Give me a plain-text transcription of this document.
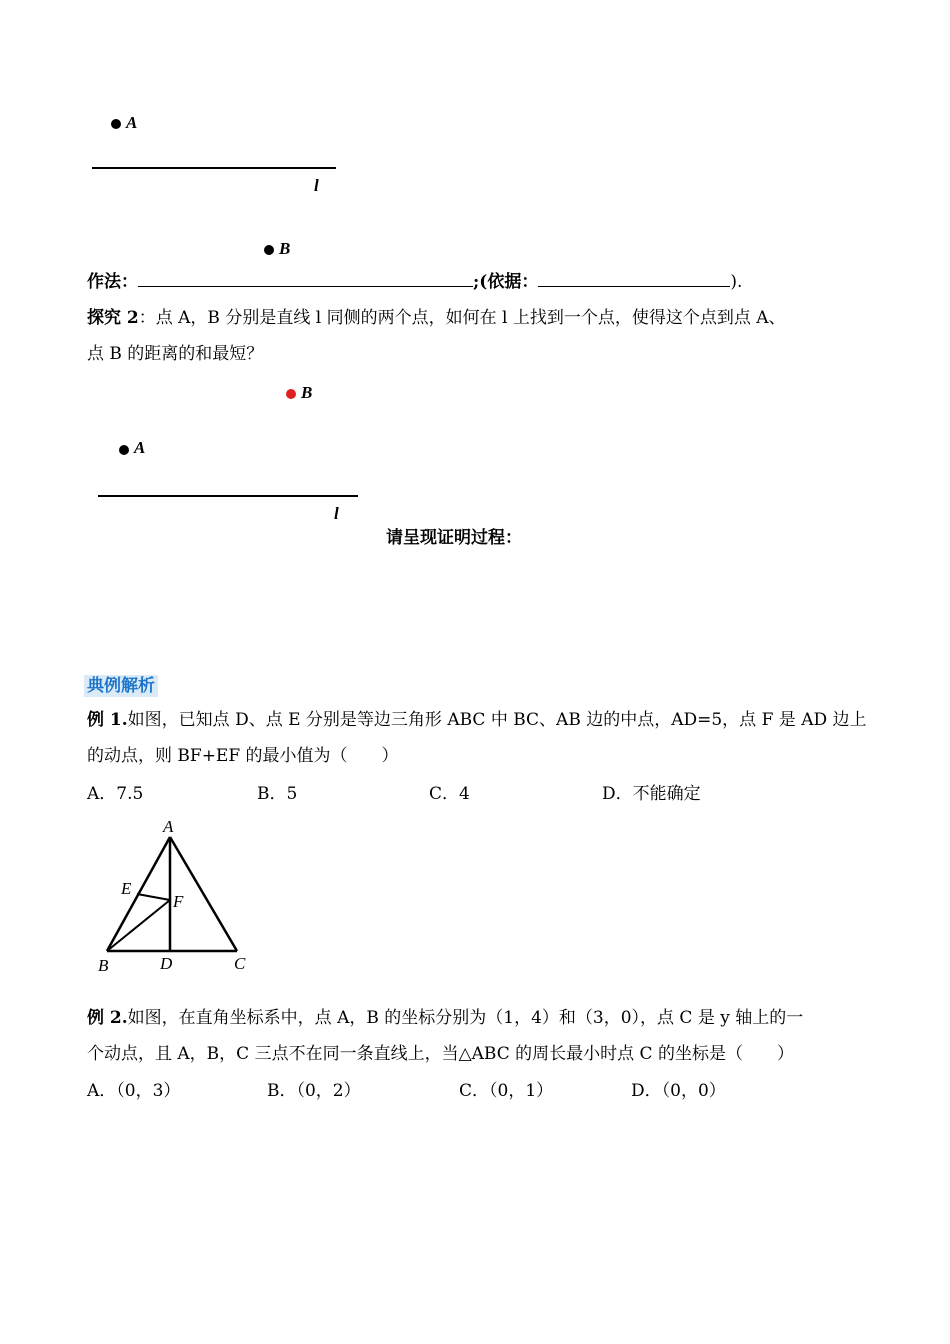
A
l
B
作法：	;(依据：	).
探究 2：点 A，B 分别是直线 l 同侧的两个点，如何在 l 上找到一个点，使得这个点到点 A、
点 B 的距离的和最短？
B
A
l
请呈现证明过程：
典例解析
例 1.如图，已知点 D、点 E 分别是等边三角形 ABC 中 BC、AB 边的中点，AD=5，点 F 是 AD 边上
的动点，则 BF+EF 的最小值为（　　）
A．7.5	B．5	C．4	D．不能确定
A
E
F
B	D	C
例 2.如图，在直角坐标系中，点 A，B 的坐标分别为（1，4）和（3，0），点 C 是 y 轴上的一
个动点，且 A，B，C 三点不在同一条直线上，当△ABC 的周长最小时点 C 的坐标是（　　）
A．（0，3）	B．（0，2）	C．（0，1）	D．（0，0）
